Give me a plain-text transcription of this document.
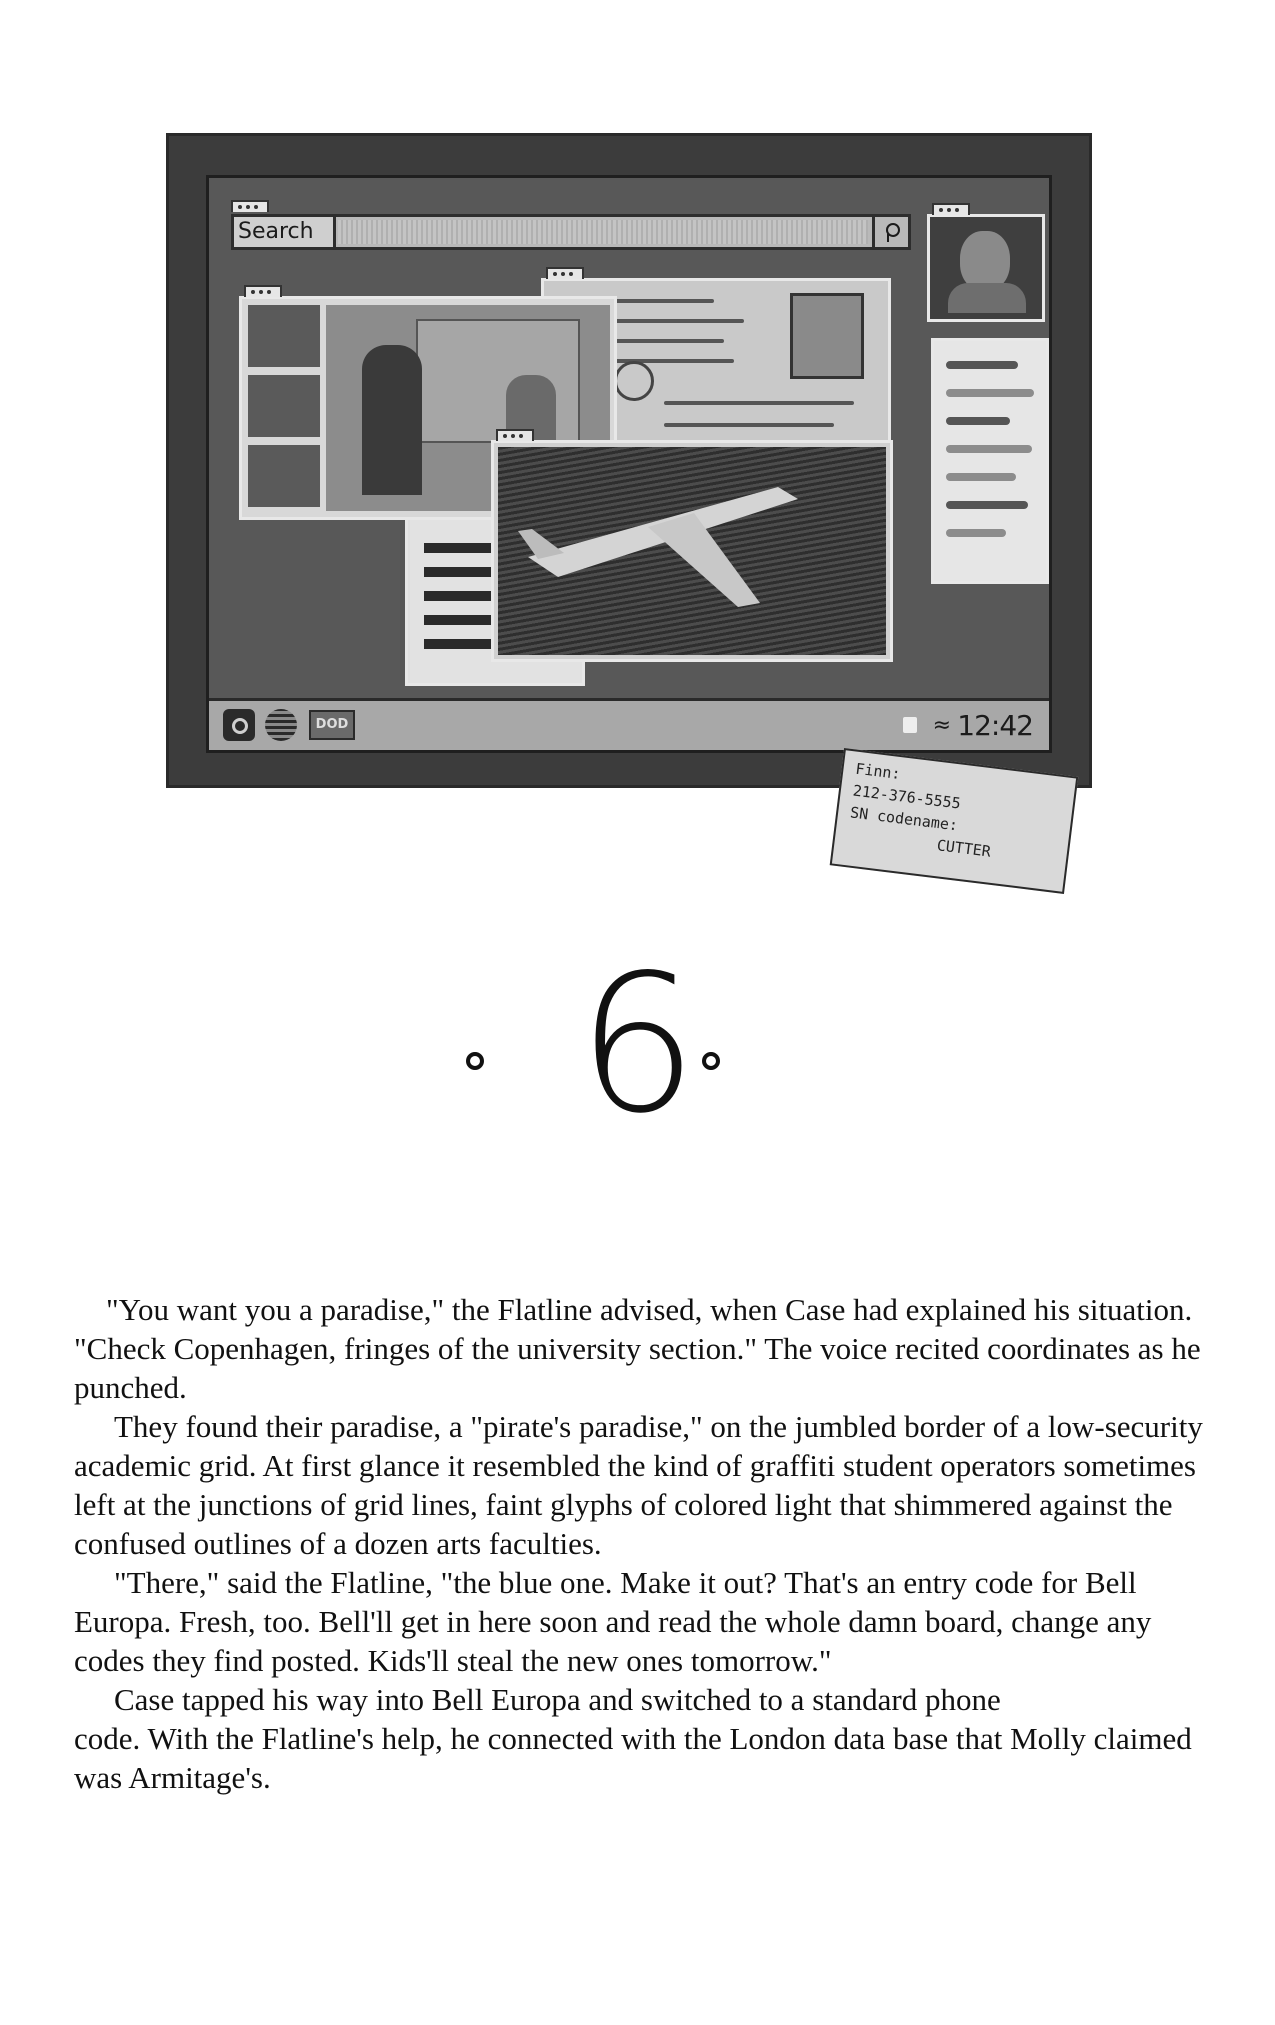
Search
DOD	≈ 12:42
Finn:
212-376-5555
SN codename:
CUTTER
6

"You want you a paradise," the Flatline advised, when Case had explained his situation. "Check Copenhagen, fringes of the university section." The voice recited coordinates as he punched.

They found their paradise, a "pirate's paradise," on the jumbled border of a low-security academic grid. At first glance it resembled the kind of graffiti student operators sometimes left at the junctions of grid lines, faint glyphs of colored light that shimmered against the confused outlines of a dozen arts faculties.

"There," said the Flatline, "the blue one. Make it out? That's an entry code for Bell Europa. Fresh, too. Bell'll get in here soon and read the whole damn board, change any codes they find posted. Kids'll steal the new ones tomorrow."

Case tapped his way into Bell Europa and switched to a standard phone

code. With the Flatline's help, he connected with the London data base that Molly claimed was Armitage's.
